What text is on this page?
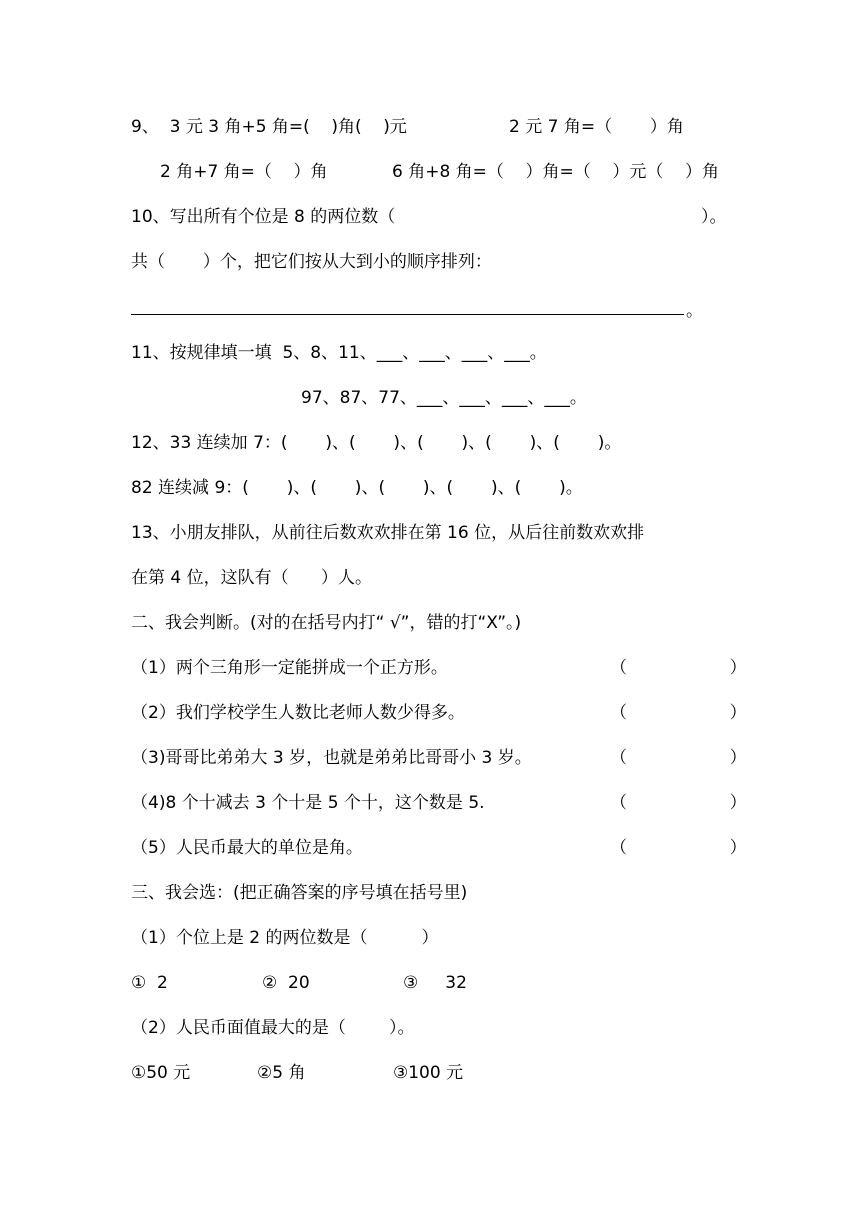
9、  3 元 3 角+5 角=(    )角(    )元	2 元 7 角=（       ）角
2 角+7 角=（    ）角	6 角+8 角=（    ）角=（    ）元（    ）角
10、写出所有个位是 8 的两位数（	）。
共（       ）个，把它们按从大到小的顺序排列：
。
11、按规律填一填  5、8、11、___、___、___、___。
97、87、77、___、___、___、___。
12、33 连续加 7：(       )、(       )、(       )、(       )、(       )。
82 连续减 9：(       )、(       )、(       )、(       )、(       )。
13、小朋友排队，从前往后数欢欢排在第 16 位，从后往前数欢欢排
在第 4 位，这队有（      ）人。
二、我会判断。(对的在括号内打“ √”，错的打“X”。)
（1）两个三角形一定能拼成一个正方形。	（                   ）
（2）我们学校学生人数比老师人数少得多。	（                   ）
（3)哥哥比弟弟大 3 岁，也就是弟弟比哥哥小 3 岁。	（                   ）
（4)8 个十减去 3 个十是 5 个十，这个数是 5.	（                   ）
（5）人民币最大的单位是角。	（                   ）
三、我会选：(把正确答案的序号填在括号里)
（1）个位上是 2 的两位数是（          ）
①  2	②  20	③     32
（2）人民币面值最大的是（        ）。
①50 元	②5 角	③100 元
